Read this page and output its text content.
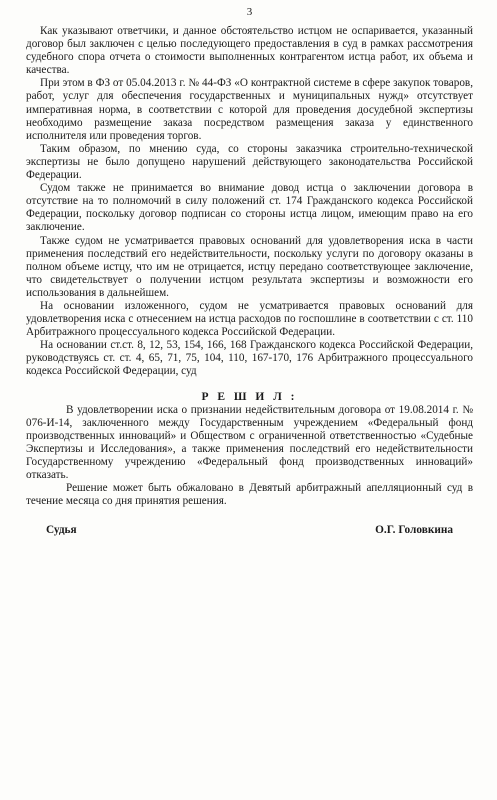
3

Как указывают ответчики, и данное обстоятельство истцом не оспаривается, указанный договор был заключен с целью последующего предоставления в суд в рамках рассмотрения судебного спора отчета о стоимости выполненных контрагентом истца работ, их объема и качества.

При этом в ФЗ от 05.04.2013 г. № 44-ФЗ «О контрактной системе в сфере закупок товаров, работ, услуг для обеспечения государственных и муниципальных нужд» отсутствует императивная норма, в соответствии с которой для проведения досудебной экспертизы необходимо размещение заказа посредством размещения заказа у единственного исполнителя или проведения торгов.

Таким образом, по мнению суда, со стороны заказчика строительно-технической экспертизы не было допущено нарушений действующего законодательства Российской Федерации.

Судом также не принимается во внимание довод истца о заключении договора в отсутствие на то полномочий в силу положений ст. 174 Гражданского кодекса Российской Федерации, поскольку договор подписан со стороны истца лицом, имеющим право на его заключение.

Также судом не усматривается правовых оснований для удовлетворения иска в части применения последствий его недействительности, поскольку услуги по договору оказаны в полном объеме истцу, что им не отрицается, истцу передано соответствующее заключение, что свидетельствует о получении истцом результата экспертизы и возможности его использования в дальнейшем.

На основании изложенного, судом не усматривается правовых оснований для удовлетворения иска с отнесением на истца расходов по госпошлине в соответствии с ст. 110 Арбитражного процессуального кодекса Российской Федерации.

На основании ст.ст. 8, 12, 53, 154, 166, 168 Гражданского кодекса Российской Федерации, руководствуясь ст. ст. 4, 65, 71, 75, 104, 110, 167-170, 176 Арбитражного процессуального кодекса Российской Федерации, суд

Р Е Ш И Л :

В удовлетворении иска о признании недействительным договора от 19.08.2014 г. № 076-И-14, заключенного между Государственным учреждением «Федеральный фонд производственных инноваций» и Обществом с ограниченной ответственностью «Судебные Экспертизы и Исследования», а также применения последствий его недействительности Государственному учреждению «Федеральный фонд производственных инноваций» отказать.

Решение может быть обжаловано в Девятый арбитражный апелляционный суд в течение месяца со дня принятия решения.

Судья	О.Г. Головкина
